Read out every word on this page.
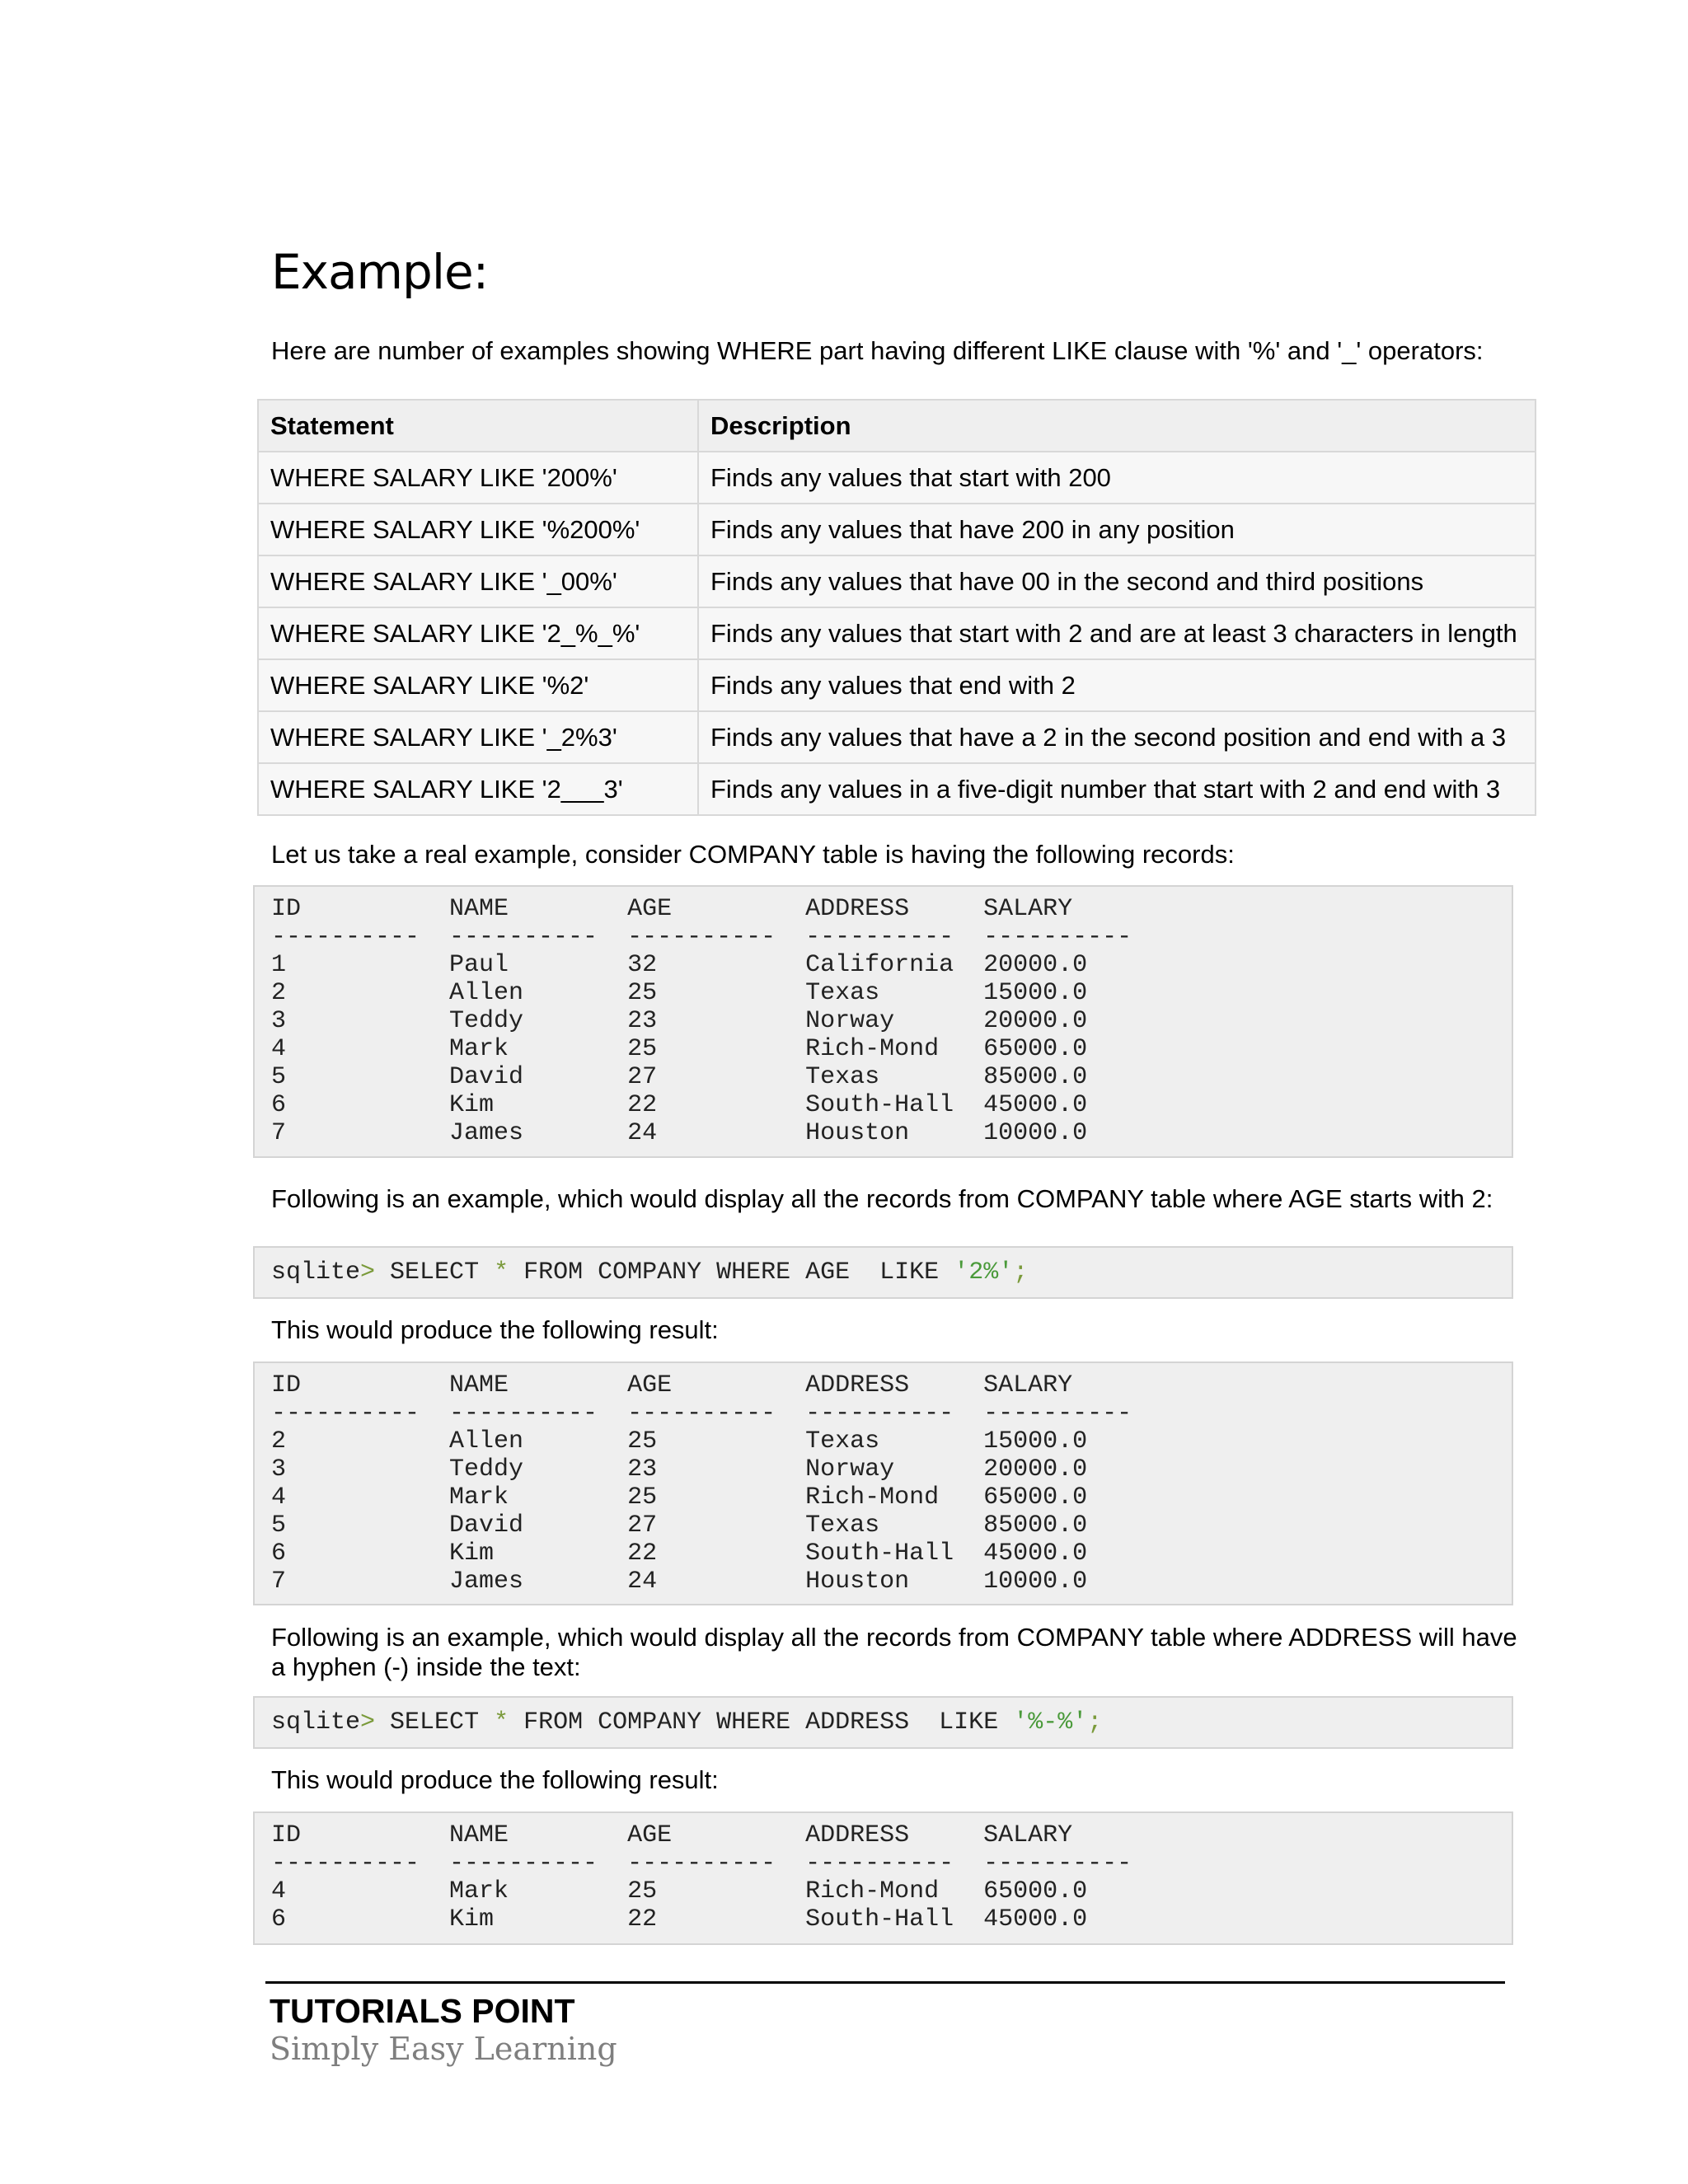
Example:

Here are number of examples showing WHERE part having different LIKE clause with '%' and '_' operators:

Statement	Description
WHERE SALARY LIKE '200%'	Finds any values that start with 200
WHERE SALARY LIKE '%200%'	Finds any values that have 200 in any position
WHERE SALARY LIKE '_00%'	Finds any values that have 00 in the second and third positions
WHERE SALARY LIKE '2_%_%'	Finds any values that start with 2 and are at least 3 characters in length
WHERE SALARY LIKE '%2'	Finds any values that end with 2
WHERE SALARY LIKE '_2%3'	Finds any values that have a 2 in the second position and end with a 3
WHERE SALARY LIKE '2___3'	Finds any values in a five-digit number that start with 2 and end with 3

Let us take a real example, consider COMPANY table is having the following records:

ID          NAME        AGE         ADDRESS     SALARY
----------  ----------  ----------  ----------  ----------
1           Paul        32          California  20000.0
2           Allen       25          Texas       15000.0
3           Teddy       23          Norway      20000.0
4           Mark        25          Rich-Mond   65000.0
5           David       27          Texas       85000.0
6           Kim         22          South-Hall  45000.0
7           James       24          Houston     10000.0

Following is an example, which would display all the records from COMPANY table where AGE starts with 2:

sqlite> SELECT * FROM COMPANY WHERE AGE  LIKE '2%';

This would produce the following result:

ID          NAME        AGE         ADDRESS     SALARY
----------  ----------  ----------  ----------  ----------
2           Allen       25          Texas       15000.0
3           Teddy       23          Norway      20000.0
4           Mark        25          Rich-Mond   65000.0
5           David       27          Texas       85000.0
6           Kim         22          South-Hall  45000.0
7           James       24          Houston     10000.0

Following is an example, which would display all the records from COMPANY table where ADDRESS will have a hyphen (-) inside the text:

sqlite> SELECT * FROM COMPANY WHERE ADDRESS  LIKE '%-%';

This would produce the following result:

ID          NAME        AGE         ADDRESS     SALARY
----------  ----------  ----------  ----------  ----------
4           Mark        25          Rich-Mond   65000.0
6           Kim         22          South-Hall  45000.0

TUTORIALS POINT

Simply Easy Learning
